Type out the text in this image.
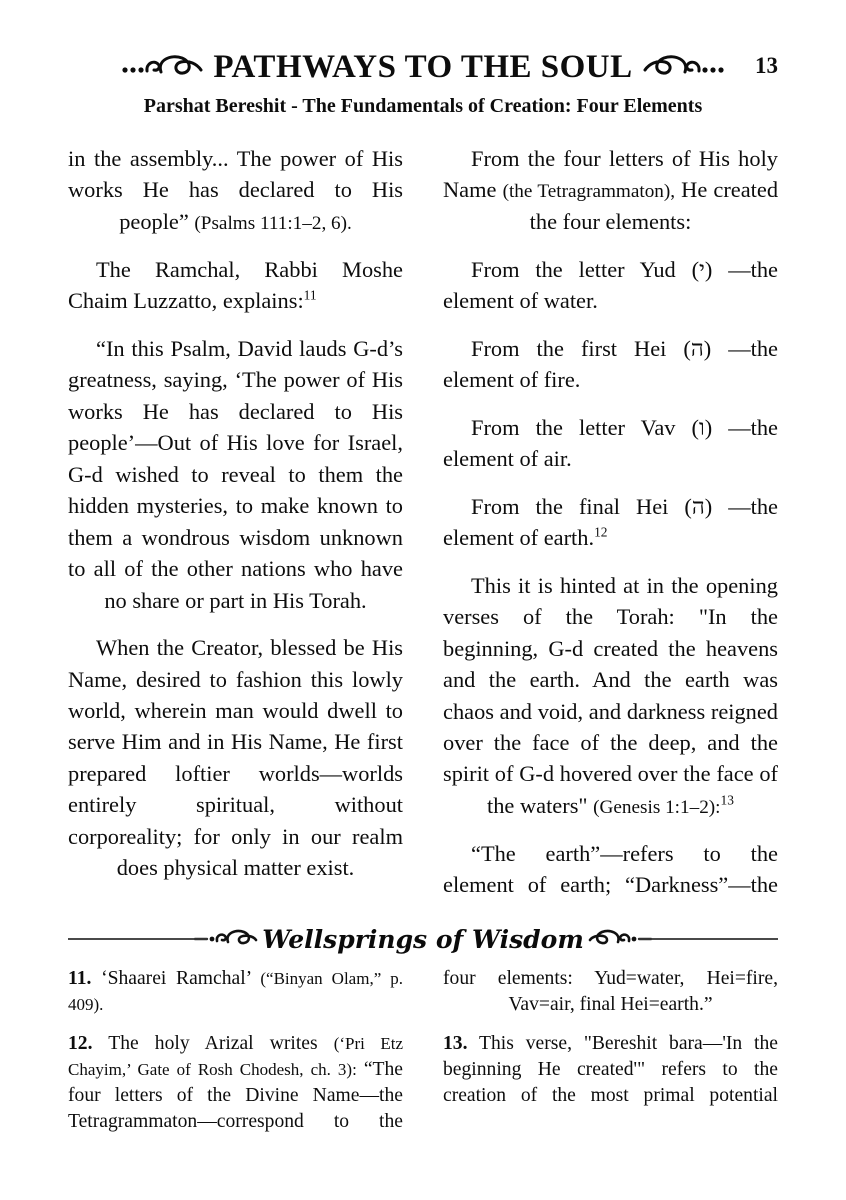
PATHWAYS TO THE SOUL	13
Parshat Bereshit - The Fundamentals of Creation: Four Elements

in the assembly... The power of His works He has declared to His people” (Psalms 111:1–2, 6).

The Ramchal, Rabbi Moshe Chaim Luzzatto, explains:$^{11}$

“In this Psalm, David lauds G-d’s greatness, saying, ‘The power of His works He has declared to His people’—Out of His love for Israel, G-d wished to reveal to them the hidden mysteries, to make known to them a wondrous wisdom unknown to all of the other nations who have no share or part in His Torah.

When the Creator, blessed be His Name, desired to fashion this lowly world, wherein man would dwell to serve Him and in His Name, He first prepared loftier worlds—worlds entirely spiritual, without corporeality; for only in our realm does physical matter exist.

From the four letters of His holy Name (the Tetragrammaton), He created the four elements:

From the letter Yud (י) —the element of water.

From the first Hei (ה) —the element of fire.

From the letter Vav (ו) —the element of air.

From the final Hei (ה) —the element of earth.$^{12}$

This it is hinted at in the opening verses of the Torah: "In the beginning, G-d created the heavens and the earth. And the earth was chaos and void, and darkness reigned over the face of the deep, and the spirit of G-d hovered over the face of the waters" (Genesis 1:1–2):$^{13}$

“The earth”—refers to the element of earth; “Darkness”—the

Wellsprings of Wisdom

11. ‘Shaarei Ramchal’ (“Binyan Olam,” p. 409).

12. The holy Arizal writes (‘Pri Etz Chayim,’ Gate of Rosh Chodesh, ch. 3): “The four letters of the Divine Name—the Tetragrammaton—correspond to the

four elements: Yud=water, Hei=fire, Vav=air, final Hei=earth.”

13. This verse, "Bereshit bara—'In the beginning He created'" refers to the creation of the most primal potential
